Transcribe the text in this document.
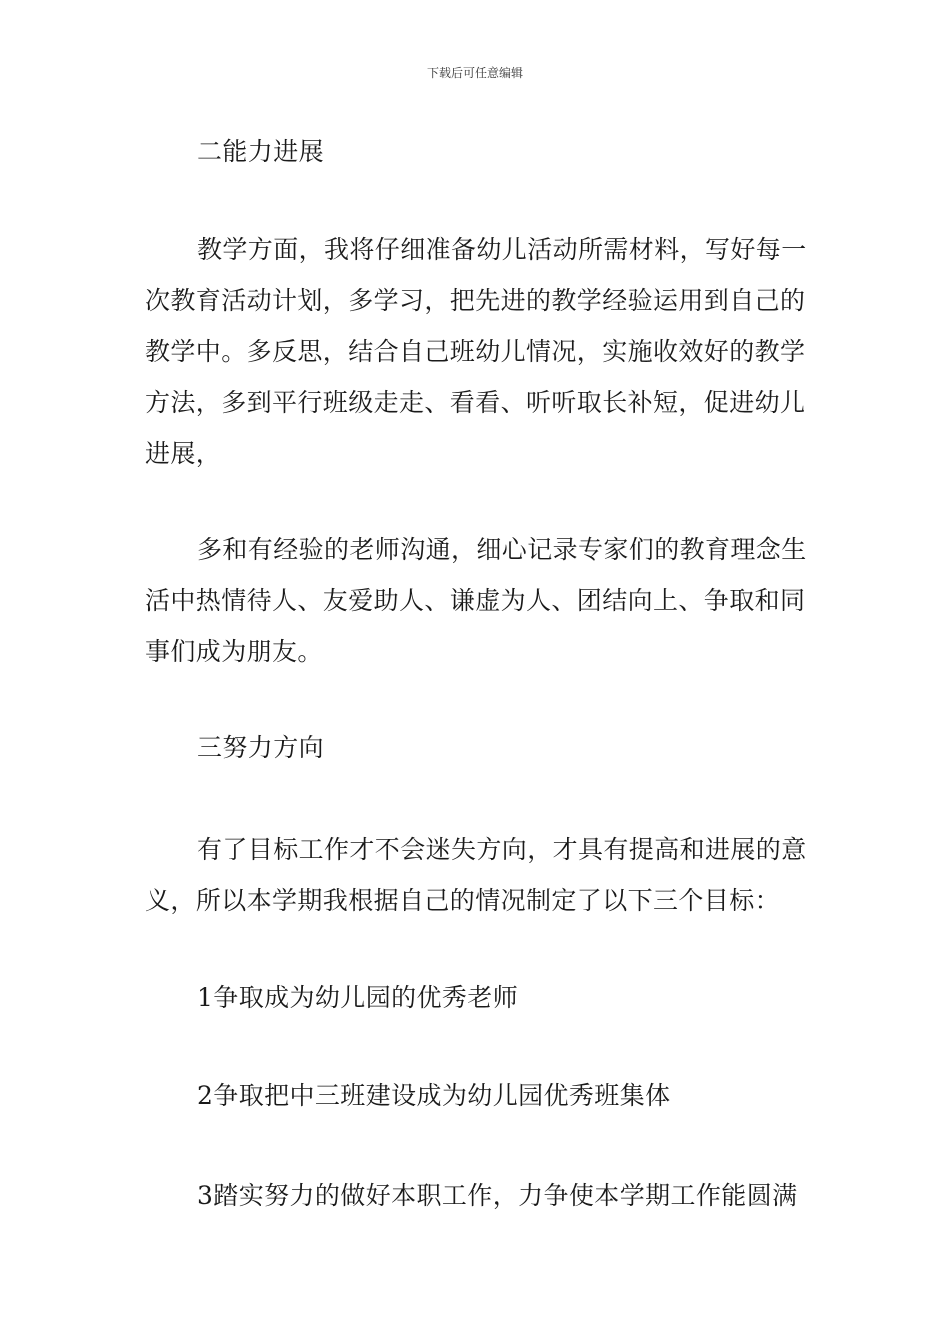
下载后可任意编辑

二能力进展

教学方面，我将仔细准备幼儿活动所需材料，写好每一次教育活动计划，多学习，把先进的教学经验运用到自己的教学中。多反思，结合自己班幼儿情况，实施收效好的教学方法，多到平行班级走走、看看、听听取长补短，促进幼儿进展，

多和有经验的老师沟通，细心记录专家们的教育理念生活中热情待人、友爱助人、谦虚为人、团结向上、争取和同事们成为朋友。

三努力方向

有了目标工作才不会迷失方向，才具有提高和进展的意义，所以本学期我根据自己的情况制定了以下三个目标：

1争取成为幼儿园的优秀老师

2争取把中三班建设成为幼儿园优秀班集体

3踏实努力的做好本职工作，力争使本学期工作能圆满
